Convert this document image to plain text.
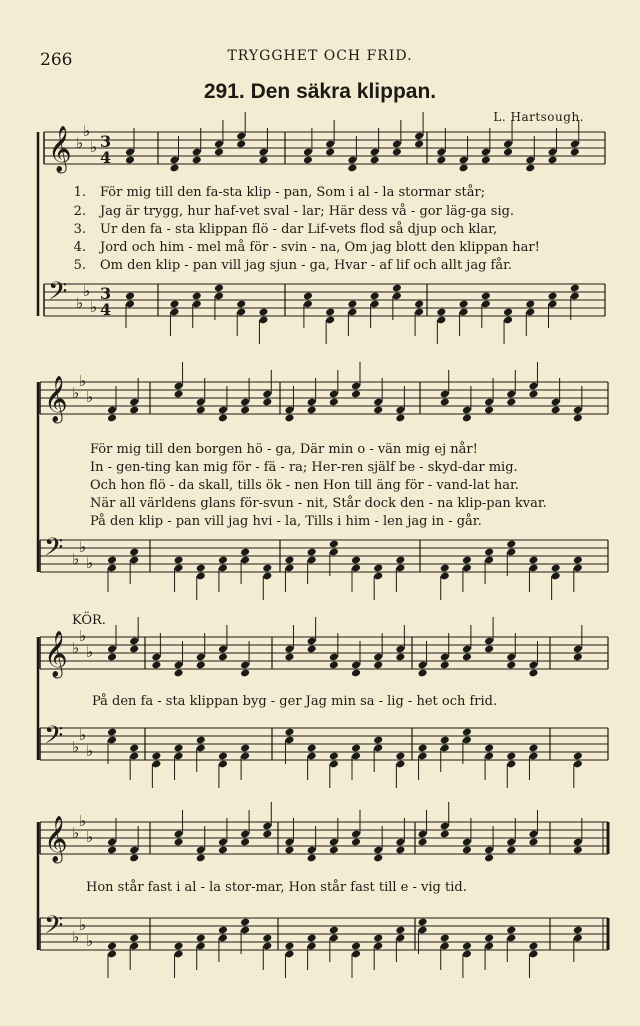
266	TRYGGHET OCH FRID.
291. Den säkra klippan.
L. Hartsough.
𝄞 ♭
♭
♭ 3
4
𝄢 ♭
♭
♭
3
4
𝄞 ♭
♭
♭
𝄢 ♭
♭
♭
𝄞 ♭
♭
♭
𝄢 ♭
♭
♭
𝄞 ♭
♭
♭
𝄢 ♭
♭
♭
1. För mig till den fa-sta klip - pan, Som i al - la stormar står;
2. Jag är trygg, hur haf-vet sval - lar; Här dess vå - gor läg-ga sig.
3. Ur den fa - sta klippan flö - dar Lif-vets flod så djup och klar,
4. Jord och him - mel må för - svin - na, Om jag blott den klippan har!
5. Om den klip - pan vill jag sjun - ga, Hvar - af lif och allt jag får.
För mig till den borgen hö - ga, Där min o - vän mig ej når!
In - gen-ting kan mig för - fä - ra; Her-ren själf be - skyd-dar mig.
Och hon flö - da skall, tills ök - nen Hon till äng för - vand-lat har.
När all världens glans för-svun - nit, Står dock den - na klip-pan kvar.
På den klip - pan vill jag hvi - la, Tills i him - len jag in - går.
KÖR.
På den fa - sta klippan byg - ger Jag min sa - lig - het och frid.
Hon står fast i al - la stor-mar, Hon står fast till e - vig tid.
